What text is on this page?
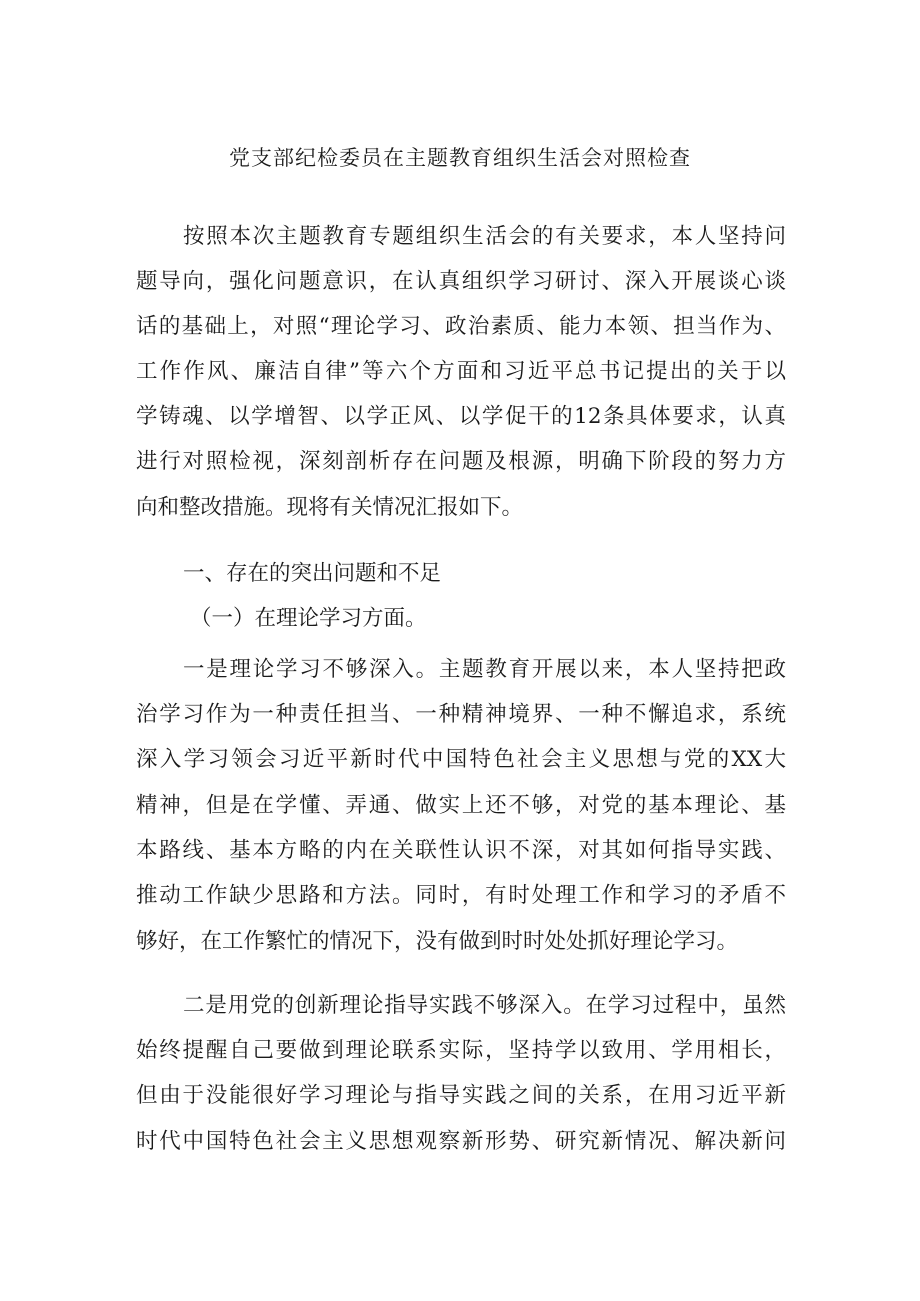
党支部纪检委员在主题教育组织生活会对照检查
按照本次主题教育专题组织生活会的有关要求，本人坚持问
题导向，强化问题意识，在认真组织学习研讨、深入开展谈心谈
话的基础上，对照“理论学习、政治素质、能力本领、担当作为、
工作作风、廉洁自律”等六个方面和习近平总书记提出的关于以
学铸魂、以学增智、以学正风、以学促干的12条具体要求，认真
进行对照检视，深刻剖析存在问题及根源，明确下阶段的努力方
向和整改措施。现将有关情况汇报如下。
一、存在的突出问题和不足
（一）在理论学习方面。
一是理论学习不够深入。主题教育开展以来，本人坚持把政
治学习作为一种责任担当、一种精神境界、一种不懈追求，系统
深入学习领会习近平新时代中国特色社会主义思想与党的XX大
精神，但是在学懂、弄通、做实上还不够，对党的基本理论、基
本路线、基本方略的内在关联性认识不深，对其如何指导实践、
推动工作缺少思路和方法。同时，有时处理工作和学习的矛盾不
够好，在工作繁忙的情况下，没有做到时时处处抓好理论学习。
二是用党的创新理论指导实践不够深入。在学习过程中，虽然
始终提醒自己要做到理论联系实际，坚持学以致用、学用相长，
但由于没能很好学习理论与指导实践之间的关系，在用习近平新
时代中国特色社会主义思想观察新形势、研究新情况、解决新问
